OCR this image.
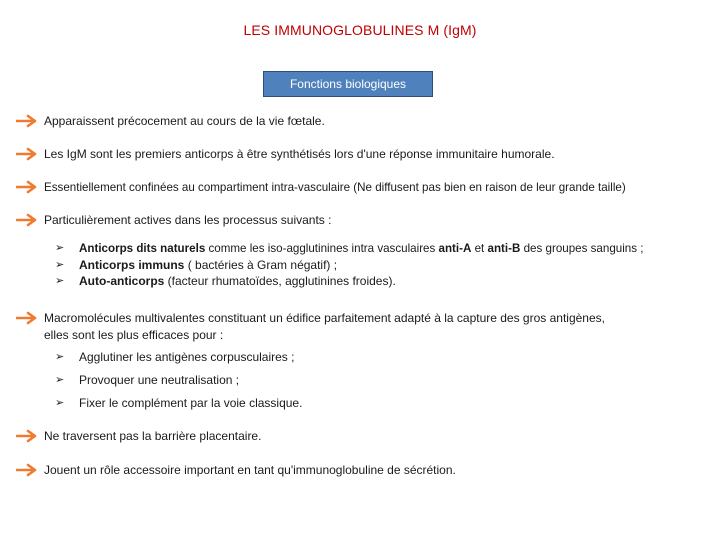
LES IMMUNOGLOBULINES M (IgM)
Fonctions biologiques
Apparaissent précocement au cours de la vie fœtale.
Les IgM sont les premiers anticorps à être synthétisés lors d'une réponse immunitaire humorale.
Essentiellement confinées au compartiment intra-vasculaire (Ne diffusent pas bien en raison de leur grande taille)
Particulièrement actives dans les processus suivants :
➢	Anticorps dits naturels comme les iso-agglutinines intra vasculaires anti-A et anti-B des groupes sanguins ;
➢	Anticorps immuns ( bactéries à Gram négatif) ;
➢	Auto-anticorps (facteur rhumatoïdes, agglutinines froides).
Macromolécules multivalentes constituant un édifice parfaitement adapté à la capture des gros antigènes,
elles sont les plus efficaces pour :
➢	Agglutiner les antigènes corpusculaires ;
➢	Provoquer une neutralisation ;
➢	Fixer le complément par la voie classique.
Ne traversent pas la barrière placentaire.
Jouent un rôle accessoire important en tant qu'immunoglobuline de sécrétion.
